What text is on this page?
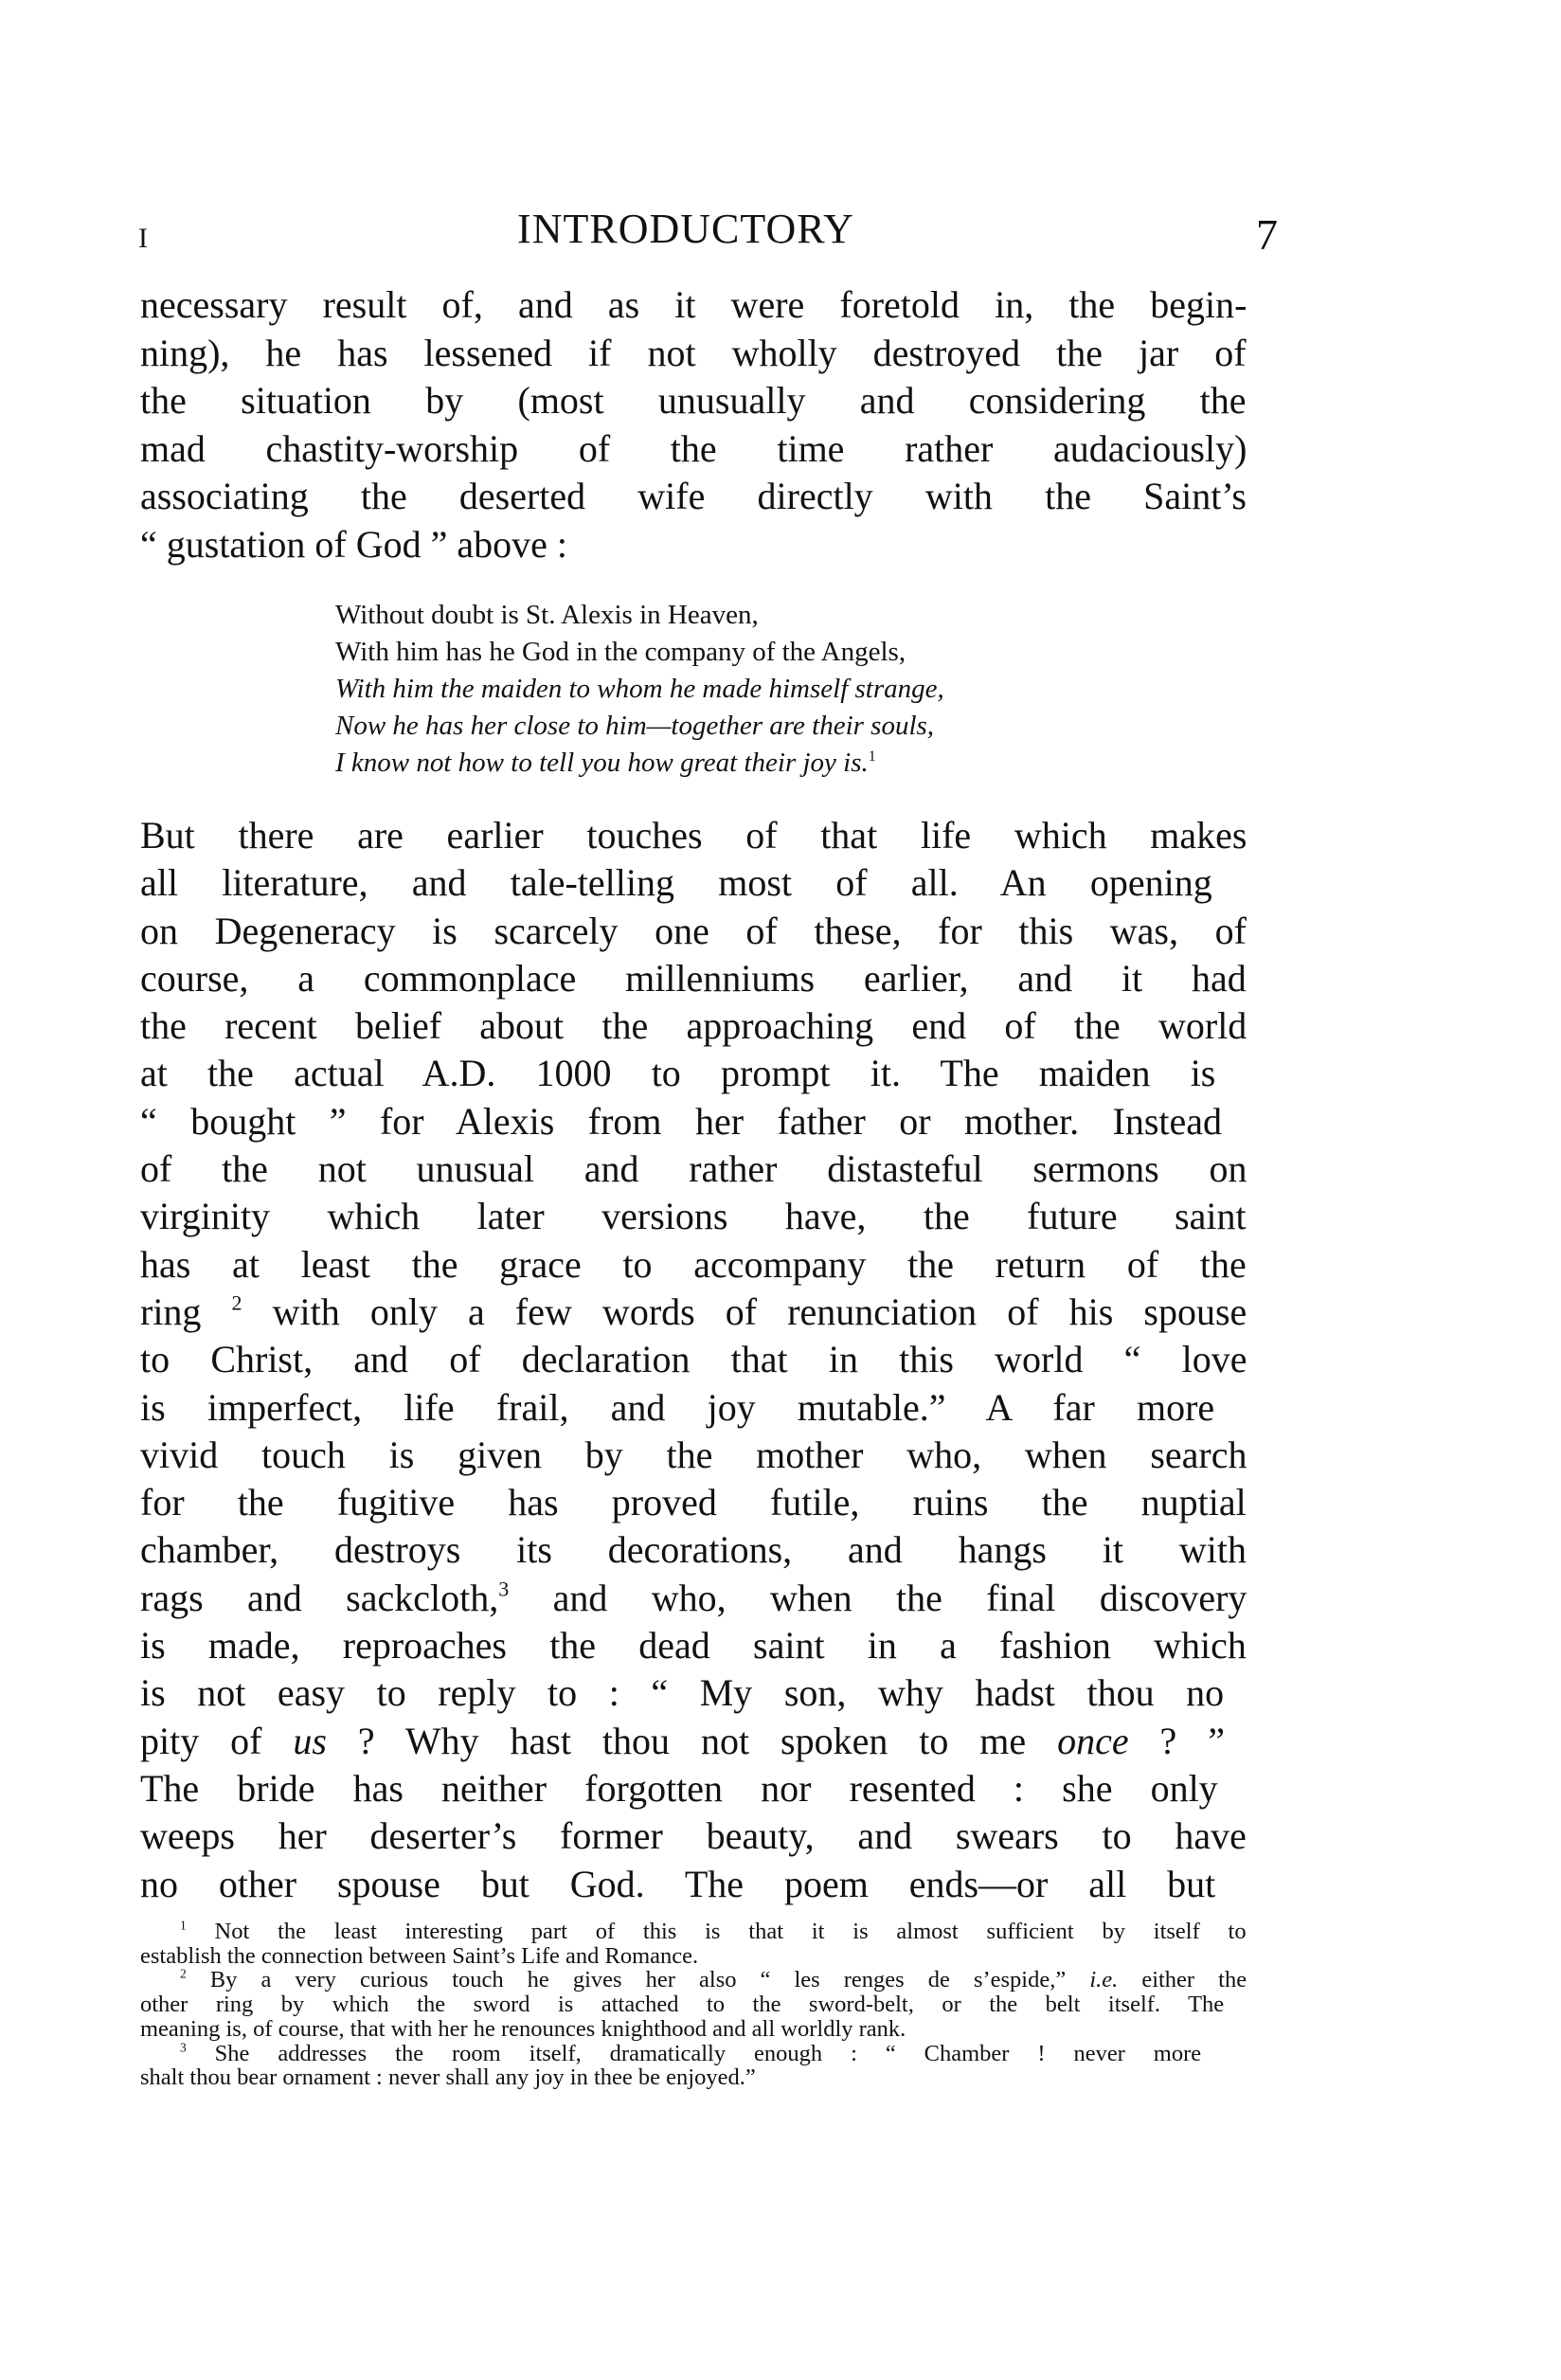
I	INTRODUCTORY	7
necessary result of, and as it were foretold in, the begin-
ning), he has lessened if not wholly destroyed the jar of
the situation by (most unusually and considering the
mad chastity-worship of the time rather audaciously)
associating the deserted wife directly with the Saint’s
“ gustation of God ” above :
Without doubt is St. Alexis in Heaven,
With him has he God in the company of the Angels,
With him the maiden to whom he made himself strange,
Now he has her close to him—together are their souls,
I know not how to tell you how great their joy is.$^1$
But there are earlier touches of that life which makes
all literature, and tale-telling most of all. An opening
on Degeneracy is scarcely one of these, for this was, of
course, a commonplace millenniums earlier, and it had
the recent belief about the approaching end of the world
at the actual A.D. 1000 to prompt it. The maiden is
“ bought ” for Alexis from her father or mother. Instead
of the not unusual and rather distasteful sermons on
virginity which later versions have, the future saint
has at least the grace to accompany the return of the
ring $^2$ with only a few words of renunciation of his spouse
to Christ, and of declaration that in this world “ love
is imperfect, life frail, and joy mutable.” A far more
vivid touch is given by the mother who, when search
for the fugitive has proved futile, ruins the nuptial
chamber, destroys its decorations, and hangs it with
rags and sackcloth,$^3$ and who, when the final discovery
is made, reproaches the dead saint in a fashion which
is not easy to reply to : “ My son, why hadst thou no
pity of us ? Why hast thou not spoken to me once ? ”
The bride has neither forgotten nor resented : she only
weeps her deserter’s former beauty, and swears to have
no other spouse but God. The poem ends—or all but
$^1$ Not the least interesting part of this is that it is almost sufficient by itself to
establish the connection between Saint’s Life and Romance.
$^2$ By a very curious touch he gives her also “ les renges de s’espide,” i.e. either the
other ring by which the sword is attached to the sword-belt, or the belt itself. The
meaning is, of course, that with her he renounces knighthood and all worldly rank.
$^3$ She addresses the room itself, dramatically enough : “ Chamber ! never more
shalt thou bear ornament : never shall any joy in thee be enjoyed.”
